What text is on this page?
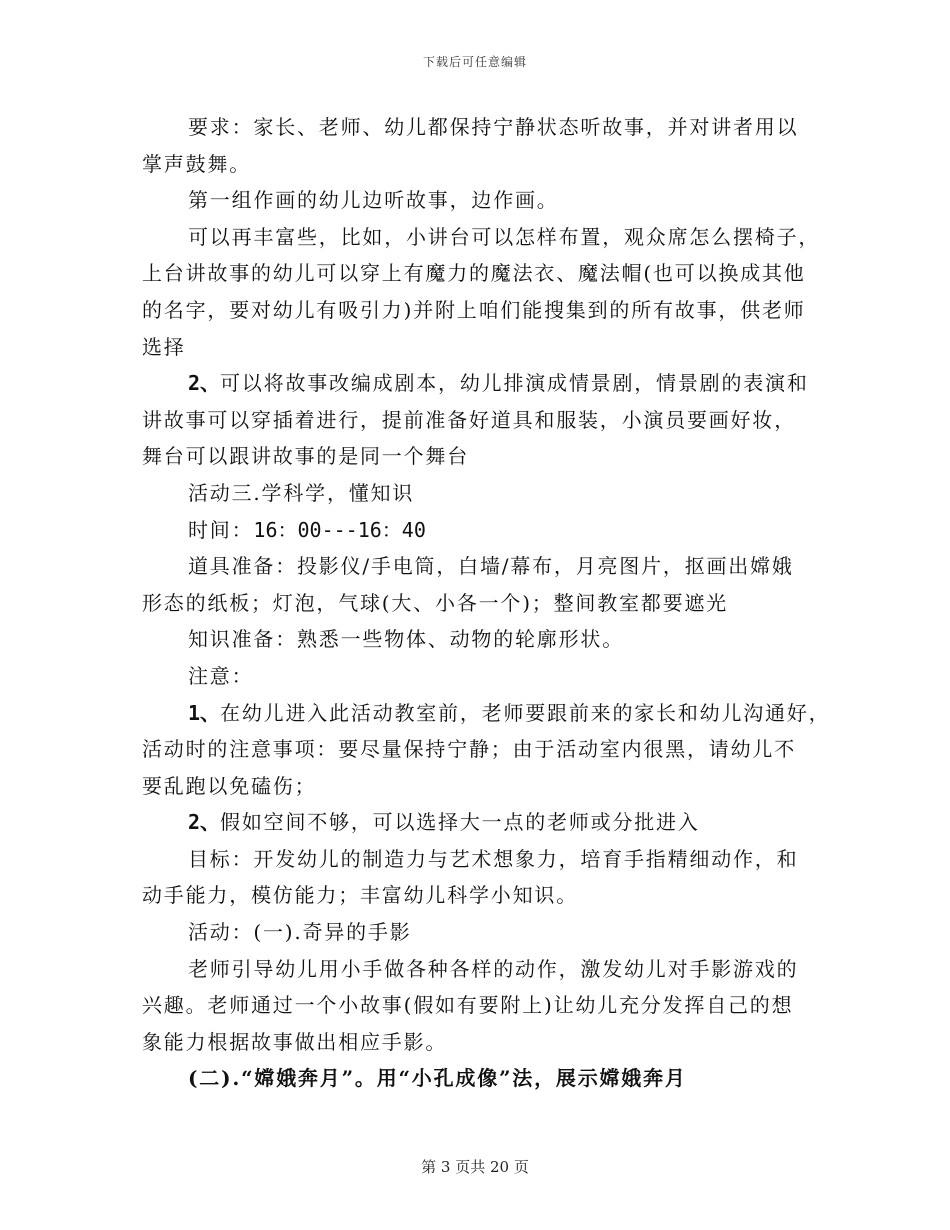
下载后可任意编辑
要求：家长、老师、幼儿都保持宁静状态听故事，并对讲者用以
掌声鼓舞。
第一组作画的幼儿边听故事，边作画。
可以再丰富些，比如，小讲台可以怎样布置，观众席怎么摆椅子，
上台讲故事的幼儿可以穿上有魔力的魔法衣、魔法帽(也可以换成其他
的名字，要对幼儿有吸引力)并附上咱们能搜集到的所有故事，供老师
选择
2、可以将故事改编成剧本，幼儿排演成情景剧，情景剧的表演和
讲故事可以穿插着进行，提前准备好道具和服装，小演员要画好妆，
舞台可以跟讲故事的是同一个舞台
活动三.学科学，懂知识
时间：16：00---16：40
道具准备：投影仪/手电筒，白墙/幕布，月亮图片，抠画出嫦娥
形态的纸板；灯泡，气球(大、小各一个)；整间教室都要遮光
知识准备：熟悉一些物体、动物的轮廓形状。
注意：
1、在幼儿进入此活动教室前，老师要跟前来的家长和幼儿沟通好，
活动时的注意事项：要尽量保持宁静；由于活动室内很黑，请幼儿不
要乱跑以免磕伤；
2、假如空间不够，可以选择大一点的老师或分批进入
目标：开发幼儿的制造力与艺术想象力，培育手指精细动作，和
动手能力，模仿能力；丰富幼儿科学小知识。
活动：(一).奇异的手影
老师引导幼儿用小手做各种各样的动作，激发幼儿对手影游戏的
兴趣。老师通过一个小故事(假如有要附上)让幼儿充分发挥自己的想
象能力根据故事做出相应手影。
(二).“嫦娥奔月”。用“小孔成像”法，展示嫦娥奔月
第 3 页共 20 页
